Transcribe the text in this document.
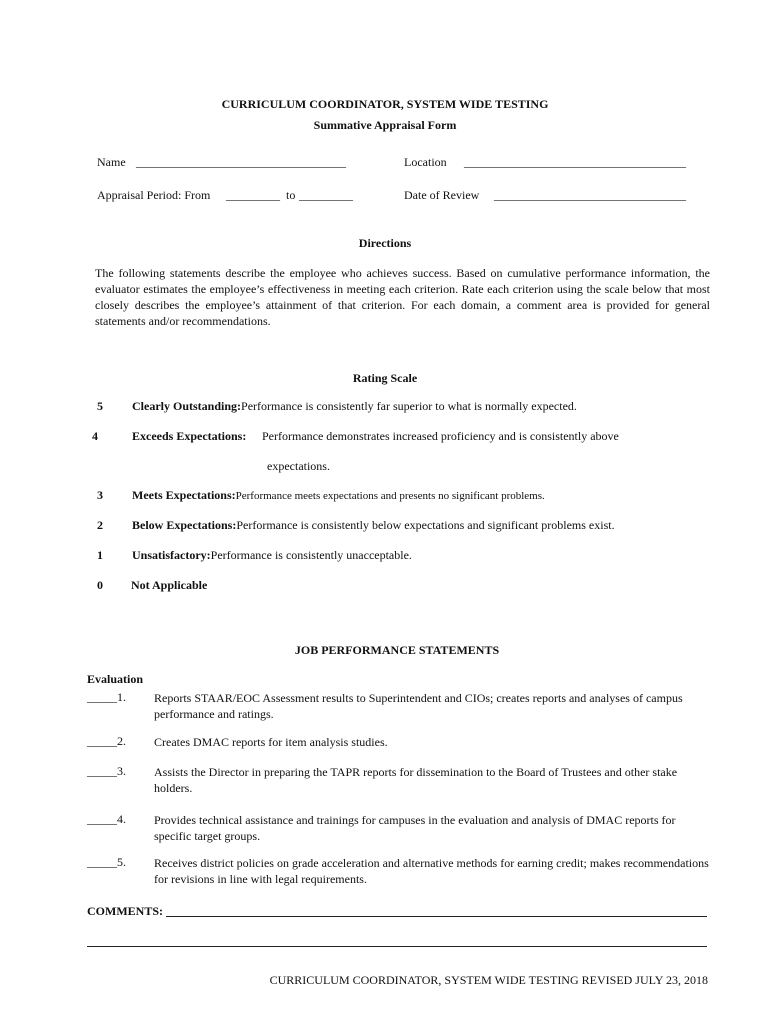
CURRICULUM COORDINATOR, SYSTEM WIDE TESTING
Summative Appraisal Form
Name ___________________________________	Location _____________________________________
Appraisal Period: From _________ to _________	Date of Review ________________________________
Directions
The following statements describe the employee who achieves success. Based on cumulative performance information, the evaluator estimates the employee’s effectiveness in meeting each criterion. Rate each criterion using the scale below that most closely describes the employee’s attainment of that criterion. For each domain, a comment area is provided for general statements and/or recommendations.
Rating Scale
5 Clearly Outstanding:Performance is consistently far superior to what is normally expected.
4	Exceeds Expectations: Performance demonstrates increased proficiency and is consistently above
expectations.
3 Meets Expectations:Performance meets expectations and presents no significant problems.
2 Below Expectations:Performance is consistently below expectations and significant problems exist.
1 Unsatisfactory:Performance is consistently unacceptable.
0 Not Applicable
JOB PERFORMANCE STATEMENTS
Evaluation
_____1. Reports STAAR/EOC Assessment results to Superintendent and CIOs; creates reports and analyses of campus performance and ratings.
_____2. Creates DMAC reports for item analysis studies.
_____3. Assists the Director in preparing the TAPR reports for dissemination to the Board of Trustees and other stake holders.
_____4. Provides technical assistance and trainings for campuses in the evaluation and analysis of DMAC reports for specific target groups.
_____5. Receives district policies on grade acceleration and alternative methods for earning credit; makes recommendations for revisions in line with legal requirements.
COMMENTS:
CURRICULUM COORDINATOR, SYSTEM WIDE TESTING REVISED JULY 23, 2018
